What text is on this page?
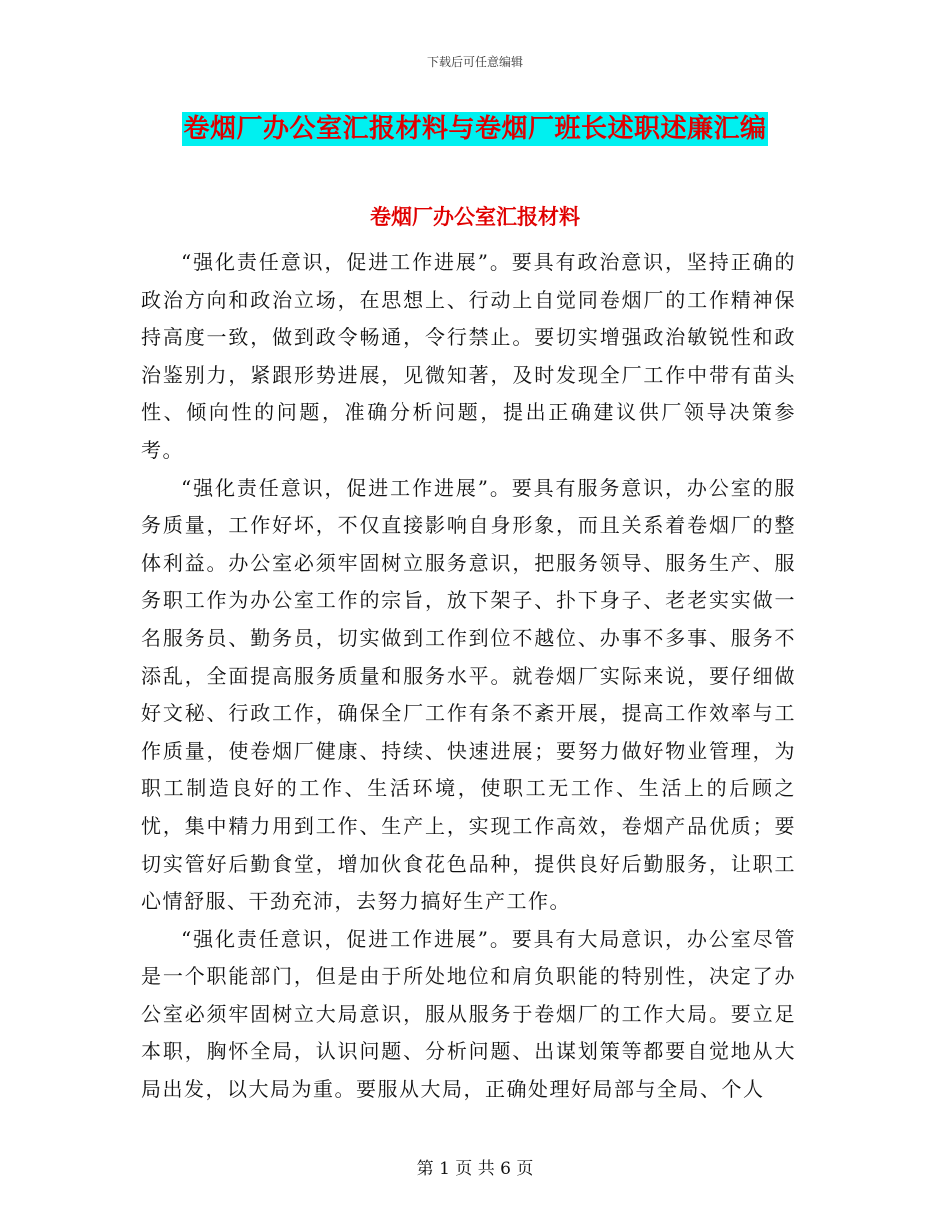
下载后可任意编辑
卷烟厂办公室汇报材料与卷烟厂班长述职述廉汇编
卷烟厂办公室汇报材料

“强化责任意识，促进工作进展”。要具有政治意识，坚持正确的政治方向和政治立场，在思想上、行动上自觉同卷烟厂的工作精神保持高度一致，做到政令畅通，令行禁止。要切实增强政治敏锐性和政治鉴别力，紧跟形势进展，见微知著，及时发现全厂工作中带有苗头性、倾向性的问题，准确分析问题，提出正确建议供厂领导决策参考。

“强化责任意识，促进工作进展”。要具有服务意识，办公室的服务质量，工作好坏，不仅直接影响自身形象，而且关系着卷烟厂的整体利益。办公室必须牢固树立服务意识，把服务领导、服务生产、服务职工作为办公室工作的宗旨，放下架子、扑下身子、老老实实做一名服务员、勤务员，切实做到工作到位不越位、办事不多事、服务不添乱，全面提高服务质量和服务水平。就卷烟厂实际来说，要仔细做好文秘、行政工作，确保全厂工作有条不紊开展，提高工作效率与工作质量，使卷烟厂健康、持续、快速进展；要努力做好物业管理，为职工制造良好的工作、生活环境，使职工无工作、生活上的后顾之忧，集中精力用到工作、生产上，实现工作高效，卷烟产品优质；要切实管好后勤食堂，增加伙食花色品种，提供良好后勤服务，让职工心情舒服、干劲充沛，去努力搞好生产工作。

“强化责任意识，促进工作进展”。要具有大局意识，办公室尽管是一个职能部门，但是由于所处地位和肩负职能的特别性，决定了办公室必须牢固树立大局意识，服从服务于卷烟厂的工作大局。要立足本职，胸怀全局，认识问题、分析问题、出谋划策等都要自觉地从大局出发，以大局为重。要服从大局，正确处理好局部与全局、个人

第 1 页 共 6 页
